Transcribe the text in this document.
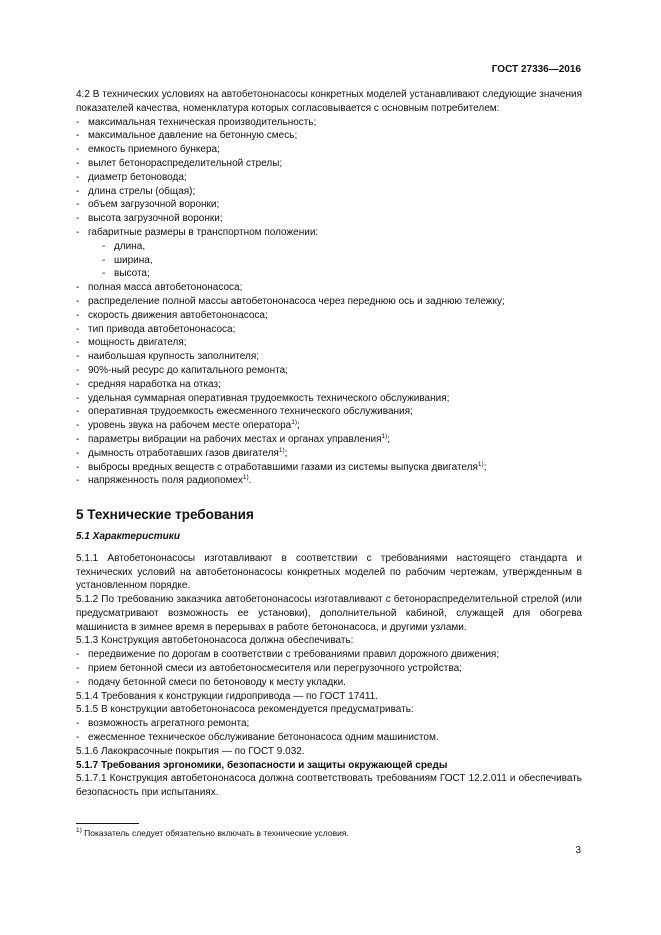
ГОСТ 27336—2016

4.2 В технических условиях на автобетононасосы конкретных моделей устанавливают следующие значения показателей качества, номенклатура которых согласовывается с основным потребителем:

- максимальная техническая производительность;

- максимальное давление на бетонную смесь;

- емкость приемного бункера;

- вылет бетонораспределительной стрелы;

- диаметр бетоновода;

- длина стрелы (общая);

- объем загрузочной воронки;

- высота загрузочной воронки;

- габаритные размеры в транспортном положении:

- длина,

- ширина,

- высота;

- полная масса автобетононасоса;

- распределение полной массы автобетононасоса через переднюю ось и заднюю тележку;

- скорость движения автобетононасоса;

- тип привода автобетононасоса;

- мощность двигателя;

- наибольшая крупность заполнителя;

- 90%-ный ресурс до капитального ремонта;

- средняя наработка на отказ;

- удельная суммарная оперативная трудоемкость технического обслуживания;

- оперативная трудоемкость ежесменного технического обслуживания;

- уровень звука на рабочем месте оператора$^{1)}$;

- параметры вибрации на рабочих местах и органах управления$^{1)}$;

- дымность отработавших газов двигателя$^{1)}$;

- выбросы вредных веществ с отработавшими газами из системы выпуска двигателя$^{1)}$;

- напряженность поля радиопомех$^{1)}$.

5 Технические требования
5.1 Характеристики

5.1.1 Автобетононасосы изготавливают в соответствии с требованиями настоящего стандарта и технических условий на автобетононасосы конкретных моделей по рабочим чертежам, утвержденным в установленном порядке.

5.1.2 По требованию заказчика автобетононасосы изготавливают с бетонораспределительной стрелой (или предусматривают возможность ее установки), дополнительной кабиной, служащей для обогрева машиниста в зимнее время в перерывах в работе бетононасоса, и другими узлами.

5.1.3 Конструкция автобетононасоса должна обеспечивать:

- передвижение по дорогам в соответствии с требованиями правил дорожного движения;

- прием бетонной смеси из автобетоносмесителя или перегрузочного устройства;

- подачу бетонной смеси по бетоноводу к месту укладки.

5.1.4 Требования к конструкции гидропривода — по ГОСТ 17411.

5.1.5 В конструкции автобетононасоса рекомендуется предусматривать:

- возможность агрегатного ремонта;

- ежесменное техническое обслуживание бетононасоса одним машинистом.

5.1.6 Лакокрасочные покрытия — по ГОСТ 9.032.

5.1.7 Требования эргономики, безопасности и защиты окружающей среды

5.1.7.1 Конструкция автобетононасоса должна соответствовать требованиям ГОСТ 12.2.011 и обеспечивать безопасность при испытаниях.

$^{1)}$ Показатель следует обязательно включать в технические условия.
3
